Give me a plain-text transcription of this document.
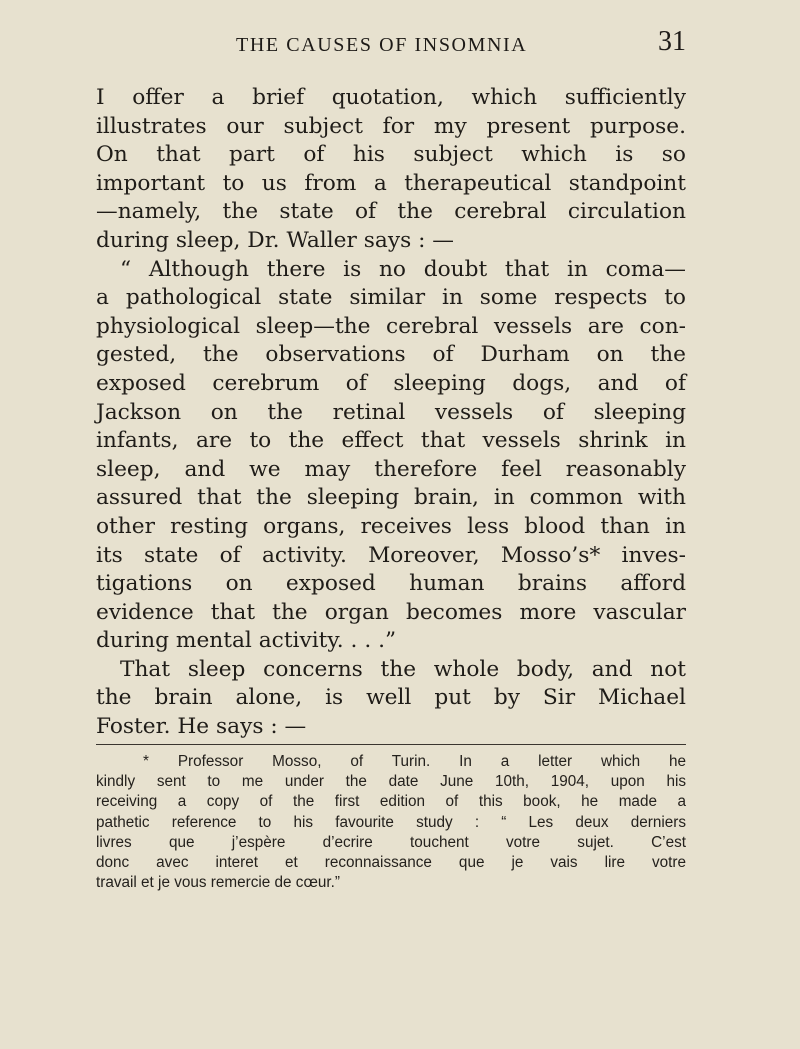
THE CAUSES OF INSOMNIA	31
I offer a brief quotation, which sufficiently
illustrates our subject for my present purpose.
On that part of his subject which is so
important to us from a therapeutical standpoint
—namely, the state of the cerebral circulation
during sleep, Dr. Waller says : —
“ Although there is no doubt that in coma—
a pathological state similar in some respects to
physiological sleep—the cerebral vessels are con-
gested, the observations of Durham on the
exposed cerebrum of sleeping dogs, and of
Jackson on the retinal vessels of sleeping
infants, are to the effect that vessels shrink in
sleep, and we may therefore feel reasonably
assured that the sleeping brain, in common with
other resting organs, receives less blood than in
its state of activity. Moreover, Mosso’s* inves-
tigations on exposed human brains afford
evidence that the organ becomes more vascular
during mental activity. . . .”
That sleep concerns the whole body, and not
the brain alone, is well put by Sir Michael
Foster. He says : —
* Professor Mosso, of Turin. In a letter which he
kindly sent to me under the date June 10th, 1904, upon his
receiving a copy of the first edition of this book, he made a
pathetic reference to his favourite study : “ Les deux derniers
livres que j’espère d’ecrire touchent votre sujet. C’est
donc avec interet et reconnaissance que je vais lire votre
travail et je vous remercie de cœur.”
